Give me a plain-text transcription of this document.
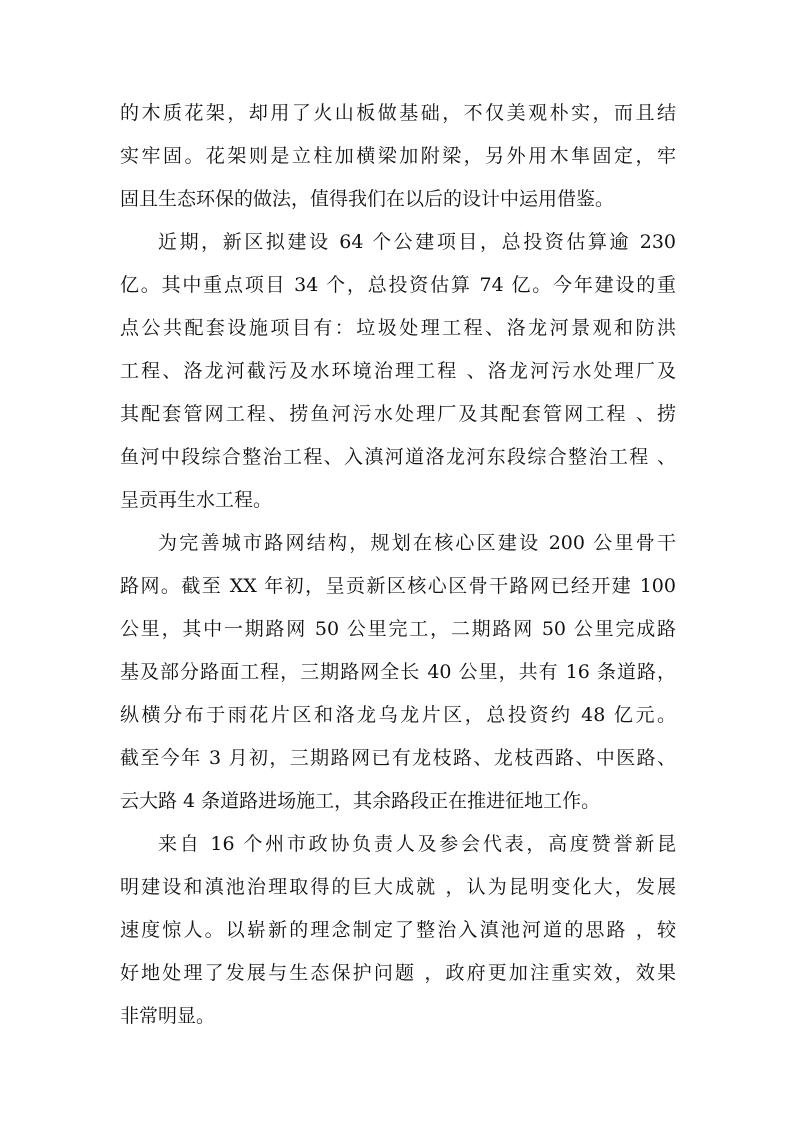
的木质花架，却用了火山板做基础，不仅美观朴实，而且结
实牢固。花架则是立柱加横梁加附梁，另外用木隼固定，牢
固且生态环保的做法，值得我们在以后的设计中运用借鉴。
近期，新区拟建设 64 个公建项目，总投资估算逾 230
亿。其中重点项目 34 个，总投资估算 74 亿。今年建设的重
点公共配套设施项目有：垃圾处理工程、洛龙河景观和防洪
工程、洛龙河截污及水环境治理工程 、洛龙河污水处理厂及
其配套管网工程、捞鱼河污水处理厂及其配套管网工程 、捞
鱼河中段综合整治工程、入滇河道洛龙河东段综合整治工程 、
呈贡再生水工程。
为完善城市路网结构，规划在核心区建设 200 公里骨干
路网。截至 XX 年初，呈贡新区核心区骨干路网已经开建 100
公里，其中一期路网 50 公里完工，二期路网 50 公里完成路
基及部分路面工程，三期路网全长 40 公里，共有 16 条道路，
纵横分布于雨花片区和洛龙乌龙片区，总投资约 48 亿元。
截至今年 3 月初，三期路网已有龙枝路、龙枝西路、中医路、
云大路 4 条道路进场施工，其余路段正在推进征地工作。
来自 16 个州市政协负责人及参会代表，高度赞誉新昆
明建设和滇池治理取得的巨大成就 ，认为昆明变化大，发展
速度惊人。以崭新的理念制定了整治入滇池河道的思路 ，较
好地处理了发展与生态保护问题 ，政府更加注重实效，效果
非常明显。
